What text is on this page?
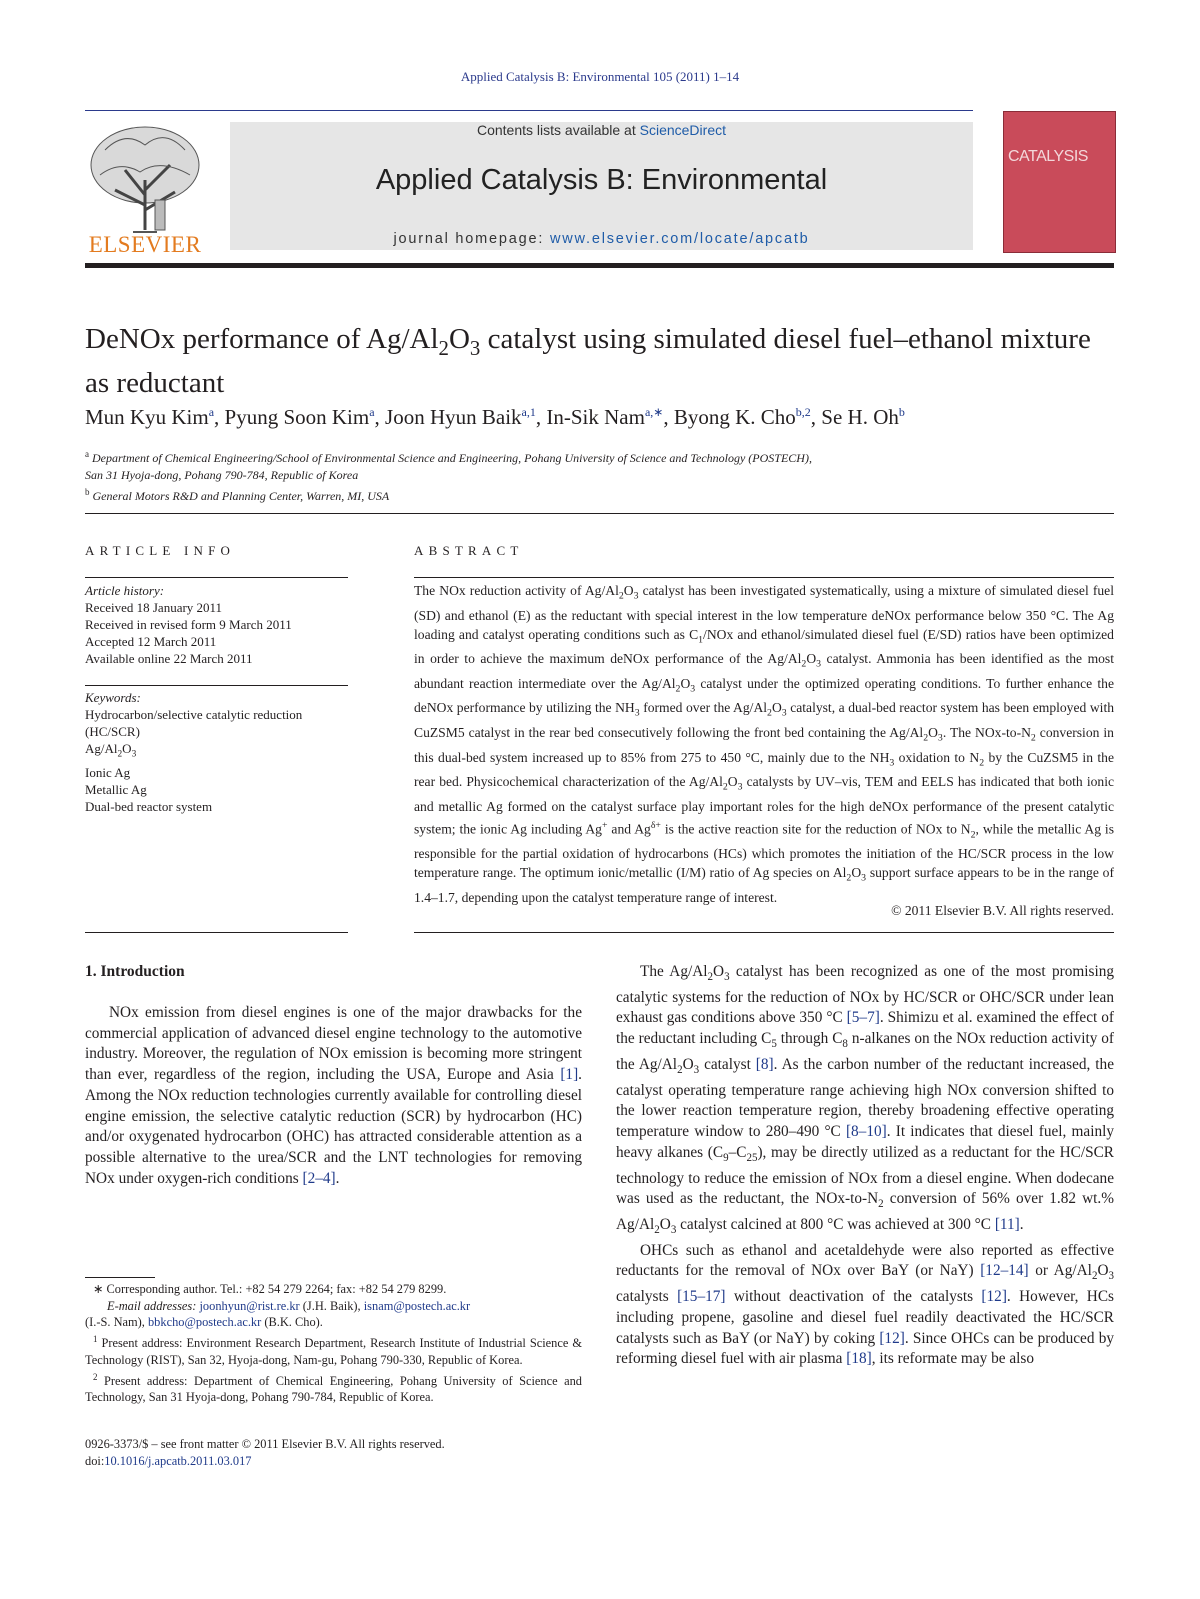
Applied Catalysis B: Environmental 105 (2011) 1–14
ELSEVIER
Contents lists available at ScienceDirect
Applied Catalysis B: Environmental
journal homepage: www.elsevier.com/locate/apcatb
CATALYSIS
DeNOx performance of $Ag/Al_2O_3$ catalyst using simulated diesel fuel–ethanol mixture as reductant
Mun Kyu Kim$^a$, Pyung Soon Kim$^a$, Joon Hyun Baik$^{a,1}$, In-Sik Nam$^{a,∗}$, Byong K. Cho$^{b,2}$, Se H. Oh$^b$
$^a$ Department of Chemical Engineering/School of Environmental Science and Engineering, Pohang University of Science and Technology (POSTECH),
San 31 Hyoja-dong, Pohang 790-784, Republic of Korea
$^b$ General Motors R&D and Planning Center, Warren, MI, USA
ARTICLE INFO	ABSTRACT
Article history:
Received 18 January 2011
Received in revised form 9 March 2011
Accepted 12 March 2011
Available online 22 March 2011
Keywords:
Hydrocarbon/selective catalytic reduction
(HC/SCR)
$Ag/Al_2O_3$
Ionic Ag
Metallic Ag
Dual-bed reactor system
The NOx reduction activity of $Ag/Al_2O_3$ catalyst has been investigated systematically, using a mixture of simulated diesel fuel (SD) and ethanol (E) as the reductant with special interest in the low temperature deNOx performance below 350 °C. The Ag loading and catalyst operating conditions such as $C_1$/NOx and ethanol/simulated diesel fuel (E/SD) ratios have been optimized in order to achieve the maximum deNOx performance of the $Ag/Al_2O_3$ catalyst. Ammonia has been identified as the most abundant reaction intermediate over the $Ag/Al_2O_3$ catalyst under the optimized operating conditions. To further enhance the deNOx performance by utilizing the $NH_3$ formed over the $Ag/Al_2O_3$ catalyst, a dual-bed reactor system has been employed with CuZSM5 catalyst in the rear bed consecutively following the front bed containing the $Ag/Al_2O_3$. The NOx-$to-N_2$ conversion in this dual-bed system increased up to 85% from 275 to 450 °C, mainly due to the $NH_3$ oxidation to $N_2$ by the CuZSM5 in the rear bed. Physicochemical characterization of the $Ag/Al_2O_3$ catalysts by UV–vis, TEM and EELS has indicated that both ionic and metallic Ag formed on the catalyst surface play important roles for the high deNOx performance of the present catalytic system; the ionic Ag including Ag+ and $Ag^{\delta+}$ is the active reaction site for the reduction of NOx to $N_2$, while the metallic Ag is responsible for the partial oxidation of hydrocarbons (HCs) which promotes the initiation of the HC/SCR process in the low temperature range. The optimum ionic/metallic (I/M) ratio of Ag species on $Al_2O_3$ support surface appears to be in the range of 1.4–1.7, depending upon the catalyst temperature range of interest.
© 2011 Elsevier B.V. All rights reserved.
1. Introduction
NOx emission from diesel engines is one of the major drawbacks for the commercial application of advanced diesel engine technology to the automotive industry. Moreover, the regulation of NOx emission is becoming more stringent than ever, regardless of the region, including the USA, Europe and Asia [1]. Among the NOx reduction technologies currently available for controlling diesel engine emission, the selective catalytic reduction (SCR) by hydrocarbon (HC) and/or oxygenated hydrocarbon (OHC) has attracted considerable attention as a possible alternative to the urea/SCR and the LNT technologies for removing NOx under oxygen-rich conditions [2–4].
The $Ag/Al_2O_3$ catalyst has been recognized as one of the most promising catalytic systems for the reduction of NOx by HC/SCR or OHC/SCR under lean exhaust gas conditions above 350 °C [5–7]. Shimizu et al. examined the effect of the reductant including $C_5$ through $C_8$ n-alkanes on the NOx reduction activity of the $Ag/Al_2O_3$ catalyst [8]. As the carbon number of the reductant increased, the catalyst operating temperature range achieving high NOx conversion shifted to the lower reaction temperature region, thereby broadening effective operating temperature window to 280–490 °C [8–10]. It indicates that diesel fuel, mainly heavy alkanes $(C_9-C_{25})$, may be directly utilized as a reductant for the HC/SCR technology to reduce the emission of NOx from a diesel engine. When dodecane was used as the reductant, the NOx-$to-N_2$ conversion of 56% over 1.82 wt.% $Ag/Al_2O_3$ catalyst calcined at 800 °C was achieved at 300 °C [11].
OHCs such as ethanol and acetaldehyde were also reported as effective reductants for the removal of NOx over BaY (or NaY) [12–14] or $Ag/Al_2O_3$ catalysts [15–17] without deactivation of the catalysts [12]. However, HCs including propene, gasoline and diesel fuel readily deactivated the HC/SCR catalysts such as BaY (or NaY) by coking [12]. Since OHCs can be produced by reforming diesel fuel with air plasma [18], its reformate may be also
∗ Corresponding author. Tel.: +82 54 279 2264; fax: +82 54 279 8299.
E-mail addresses: joonhyun@rist.re.kr (J.H. Baik), isnam@postech.ac.kr
(I.-S. Nam), bbkcho@postech.ac.kr (B.K. Cho).
$^1$ Present address: Environment Research Department, Research Institute of Industrial Science & Technology (RIST), San 32, Hyoja-dong, Nam-gu, Pohang 790-330, Republic of Korea.
$^2$ Present address: Department of Chemical Engineering, Pohang University of Science and Technology, San 31 Hyoja-dong, Pohang 790-784, Republic of Korea.
0926-3373/$ – see front matter © 2011 Elsevier B.V. All rights reserved.
doi:10.1016/j.apcatb.2011.03.017
